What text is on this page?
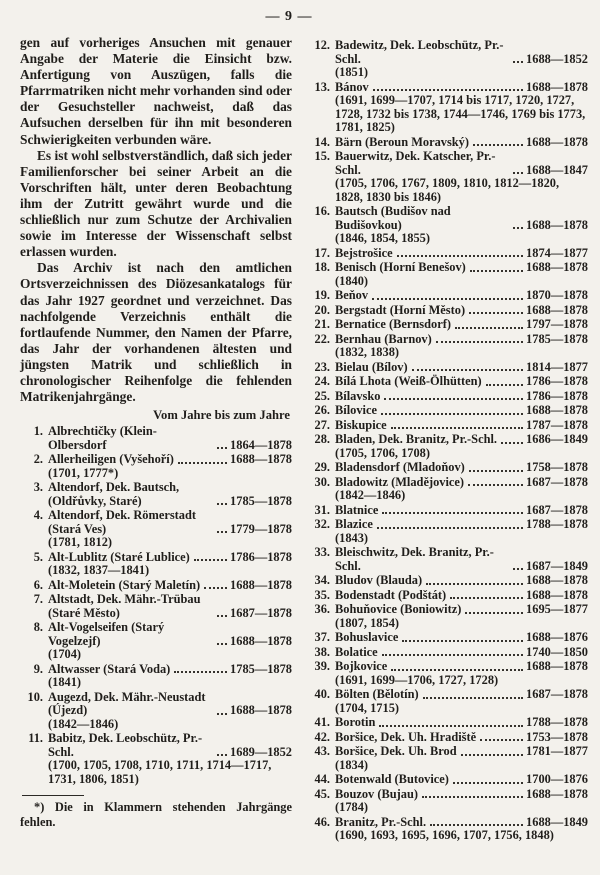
— 9 —

gen auf vorheriges Ansuchen mit genauer Angabe der Materie die Einsicht bzw. Anfertigung von Auszügen, falls die Pfarrmatriken nicht mehr vorhanden sind oder der Gesuchsteller nachweist, daß das Aufsuchen derselben für ihn mit besonderen Schwierigkeiten verbunden wäre.

Es ist wohl selbstverständlich, daß sich jeder Familienforscher bei seiner Arbeit an die Vorschriften hält, unter deren Beobachtung ihm der Zutritt gewährt wurde und die schließlich nur zum Schutze der Archivalien sowie im Interesse der Wissenschaft selbst erlassen wurden.

Das Archiv ist nach den amtlichen Ortsverzeichnissen des Diözesankatalogs für das Jahr 1927 geordnet und verzeichnet. Das nachfolgende Verzeichnis enthält die fortlaufende Nummer, den Namen der Pfarre, das Jahr der vorhandenen ältesten und jüngsten Matrik und schließlich in chronologischer Reihenfolge die fehlenden Matrikenjahrgänge.

Vom Jahre bis zum Jahre
1. Albrechtičky (Klein-Olbersdorf	1864—1878
2. Allerheiligen (Vyšehoří)	1688—1878
(1701, 1777*)
3. Altendorf, Dek. Bautsch, (Oldřůvky, Staré)	1785—1878
4. Altendorf, Dek. Römerstadt (Stará Ves)	1779—1878
(1781, 1812)
5. Alt-Lublitz (Staré Lublice)	1786—1878
(1832, 1837—1841)
6. Alt-Moletein (Starý Maletín) 1688—1878
7. Altstadt, Dek. Mähr.-Trübau (Staré Město)	1687—1878
8. Alt-Vogelseifen (Starý Vogelzejf)	1688—1878
(1704)
9. Altwasser (Stará Voda)	1785—1878
(1841)
10. Augezd, Dek. Mähr.-Neustadt (Újezd)	1688—1878
(1842—1846)
11. Babitz, Dek. Leobschütz, Pr.-Schl.	1689—1852
(1700, 1705, 1708, 1710, 1711, 1714—1717, 1731, 1806, 1851)

*) Die in Klammern stehenden Jahrgänge fehlen.

12. Badewitz, Dek. Leobschütz, Pr.-Schl.	1688—1852
(1851)
13. Bánov	1688—1878
(1691, 1699—1707, 1714 bis 1717, 1720, 1727, 1728, 1732 bis 1738, 1744—1746, 1769 bis 1773, 1781, 1825)
14. Bärn (Beroun Moravský)	1688—1878
15. Bauerwitz, Dek. Katscher, Pr.-Schl.	1688—1847
(1705, 1706, 1767, 1809, 1810, 1812—1820, 1828, 1830 bis 1846)
16. Bautsch (Budišov nad Budišovkou)	1688—1878
(1846, 1854, 1855)
17. Bejstrošice	1874—1877
18. Benisch (Horní Benešov)	1688—1878
(1840)
19. Beňov	1870—1878
20. Bergstadt (Horní Město)	1688—1878
21. Bernatice (Bernsdorf)	1797—1878
22. Bernhau (Barnov)	1785—1878
(1832, 1838)
23. Bielau (Bílov)	1814—1877
24. Bílá Lhota (Weiß-Ölhütten)	1786—1878
25. Bílavsko	1786—1878
26. Bílovice	1688—1878
27. Biskupice	1787—1878
28. Bladen, Dek. Branitz, Pr.-Schl. 1686—1849
(1705, 1706, 1708)
29. Bladensdorf (Mladoňov)	1758—1878
30. Bladowitz (Mladějovice)	1687—1878
(1842—1846)
31. Blatnice	1687—1878
32. Blazice	1788—1878
(1843)
33. Bleischwitz, Dek. Branitz, Pr.-Schl.	1687—1849
34. Bludov (Blauda)	1688—1878
35. Bodenstadt (Podštát)	1688—1878
36. Bohuňovice (Boniowitz)	1695—1877
(1807, 1854)
37. Bohuslavice	1688—1876
38. Bolatice	1740—1850
39. Bojkovice	1688—1878
(1691, 1699—1706, 1727, 1728)
40. Bölten (Bělotín)	1687—1878
(1704, 1715)
41. Borotin	1788—1878
42. Boršice, Dek. Uh. Hradiště	1753—1878
43. Boršice, Dek. Uh. Brod	1781—1877
(1834)
44. Botenwald (Butovice)	1700—1876
45. Bouzov (Bujau)	1688—1878
(1784)
46. Branitz, Pr.-Schl.	1688—1849
(1690, 1693, 1695, 1696, 1707, 1756, 1848)
